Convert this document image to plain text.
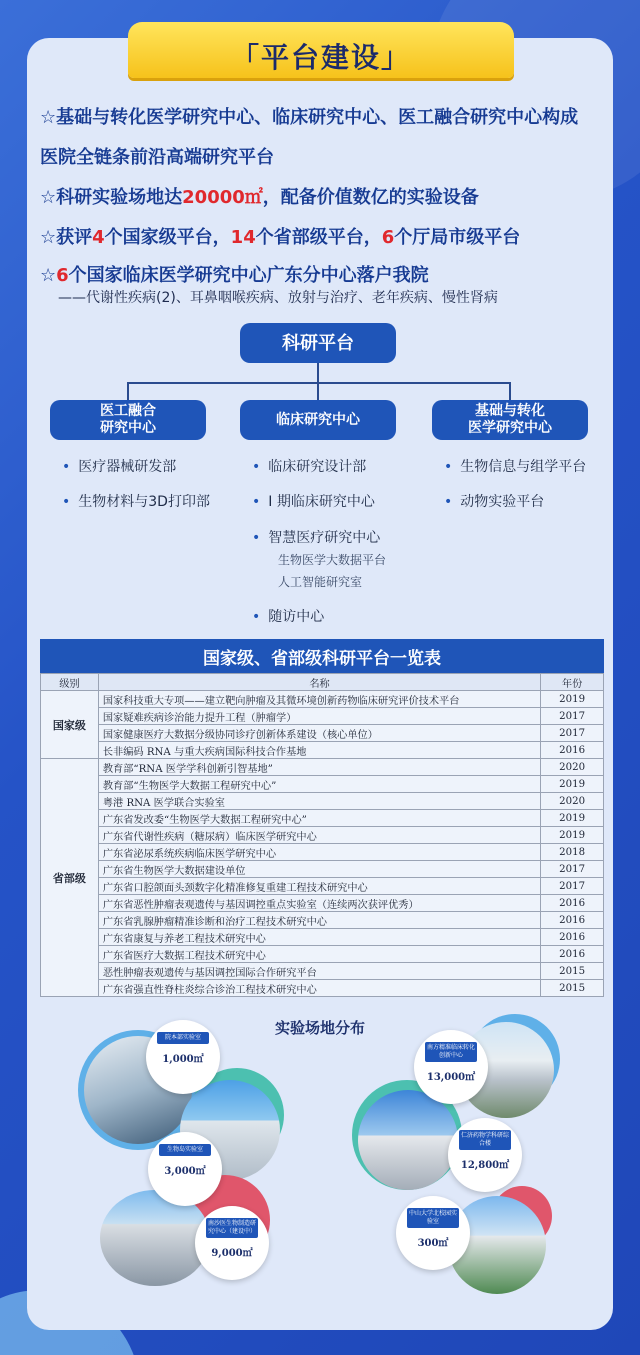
「平台建设」
☆基础与转化医学研究中心、临床研究中心、医工融合研究中心构成
医院全链条前沿高端研究平台
☆科研实验场地达20000㎡，配备价值数亿的实验设备
☆获评4个国家级平台，14个省部级平台，6个厅局市级平台
☆6个国家临床医学研究中心广东分中心落户我院
——代谢性疾病(2)、耳鼻咽喉疾病、放射与治疗、老年疾病、慢性肾病
科研平台
医工融合
研究中心
临床研究中心
基础与转化
医学研究中心
• 医疗器械研发部
• 生物材料与3D打印部
• 临床研究设计部
• I 期临床研究中心
• 智慧医疗研究中心
生物医学大数据平台
人工智能研究室
• 随访中心
• 生物信息与组学平台
• 动物实验平台
国家级、省部级科研平台一览表
级别	名称	年份
国家级	国家科技重大专项——建立靶向肿瘤及其微环境创新药物临床研究评价技术平台	2019
	国家疑难疾病诊治能力提升工程（肿瘤学）	2017
	国家健康医疗大数据分级协同诊疗创新体系建设（核心单位）	2017
	长非编码 RNA 与重大疾病国际科技合作基地	2016
省部级	教育部“RNA 医学学科创新引智基地”	2020
	教育部“生物医学大数据工程研究中心”	2019
	粤港 RNA 医学联合实验室	2020
	广东省发改委“生物医学大数据工程研究中心”	2019
	广东省代谢性疾病（糖尿病）临床医学研究中心	2019
	广东省泌尿系统疾病临床医学研究中心	2018
	广东省生物医学大数据建设单位	2017
	广东省口腔颌面头颈数字化精准修复重建工程技术研究中心	2017
	广东省恶性肿瘤表观遗传与基因调控重点实验室（连续两次获评优秀）	2016
	广东省乳腺肿瘤精准诊断和治疗工程技术研究中心	2016
	广东省康复与养老工程技术研究中心	2016
	广东省医疗大数据工程技术研究中心	2016
	恶性肿瘤表观遗传与基因调控国际合作研究平台	2015
	广东省强直性脊柱炎综合诊治工程技术研究中心	2015
实验场地分布
院本部实验室
1,000㎡
生物岛实验室
3,000㎡
南沙医生物制造研究中心（建设中）
9,000㎡
南方精准临床转化创新中心
13,000㎡
仁济药物学科研综合楼
12,800㎡
中山大学北校园实验室
300㎡
